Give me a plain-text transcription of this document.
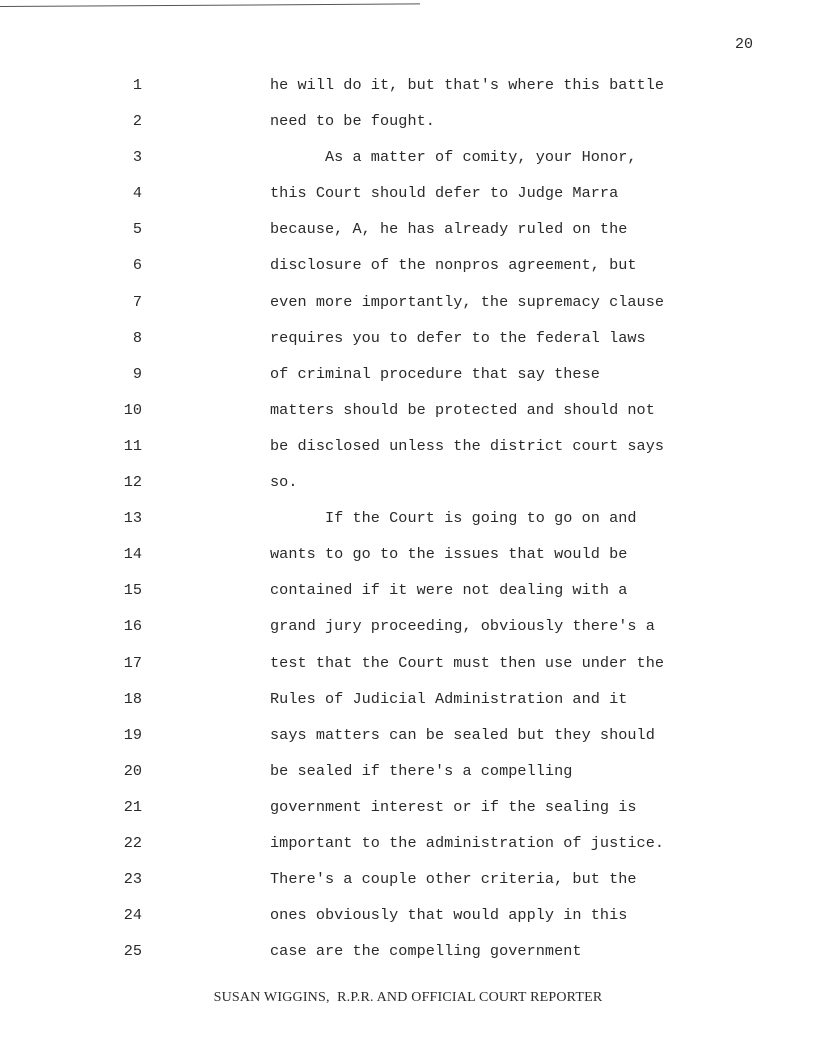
20
1	he will do it, but that's where this battle
2	need to be fought.
3	As a matter of comity, your Honor,
4	this Court should defer to Judge Marra
5	because, A, he has already ruled on the
6	disclosure of the nonpros agreement, but
7	even more importantly, the supremacy clause
8	requires you to defer to the federal laws
9	of criminal procedure that say these
10	matters should be protected and should not
11	be disclosed unless the district court says
12	so.
13	If the Court is going to go on and
14	wants to go to the issues that would be
15	contained if it were not dealing with a
16	grand jury proceeding, obviously there's a
17	test that the Court must then use under the
18	Rules of Judicial Administration and it
19	says matters can be sealed but they should
20	be sealed if there's a compelling
21	government interest or if the sealing is
22	important to the administration of justice.
23	There's a couple other criteria, but the
24	ones obviously that would apply in this
25	case are the compelling government
SUSAN WIGGINS,  R.P.R. AND OFFICIAL COURT REPORTER
